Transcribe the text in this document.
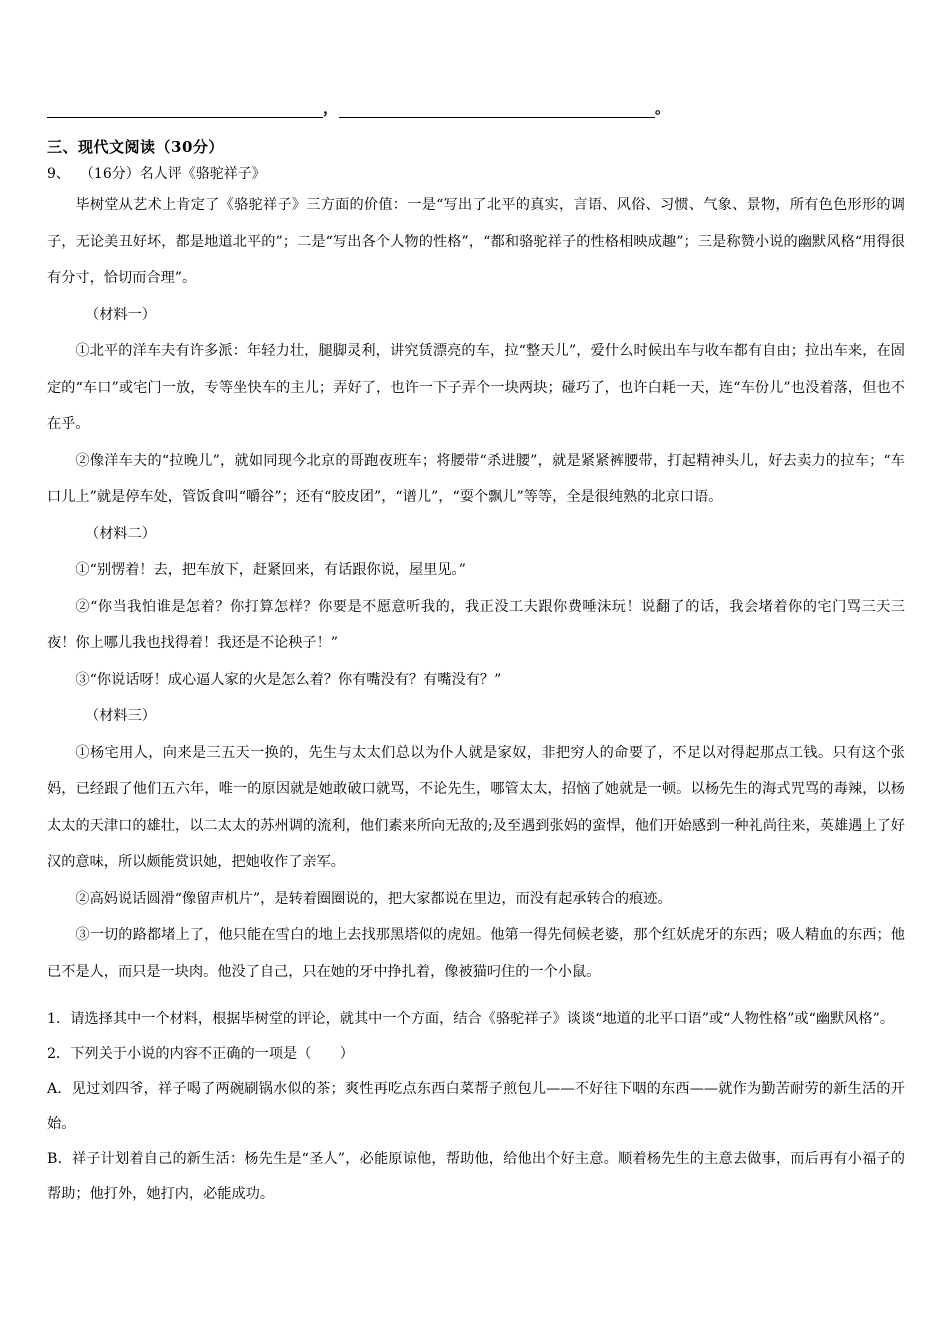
，	。
三、现代文阅读（30分）
9、 （16分）名人评《骆驼祥子》

毕树堂从艺术上肯定了《骆驼祥子》三方面的价值：一是“写出了北平的真实，言语、风俗、习惯、气象、景物，所有色色形形的调子，无论美丑好坏，都是地道北平的”；二是“写出各个人物的性格”，“都和骆驼祥子的性格相映成趣”；三是称赞小说的幽默风格“用得很有分寸，恰切而合理”。

（材料一）

①北平的洋车夫有许多派：年轻力壮，腿脚灵利，讲究赁漂亮的车，拉“整天儿”，爱什么时候出车与收车都有自由；拉出车来，在固定的“车口”或宅门一放，专等坐快车的主儿；弄好了，也许一下子弄个一块两块；碰巧了，也许白耗一天，连“车份儿”也没着落，但也不在乎。

②像洋车夫的“拉晚儿”，就如同现今北京的哥跑夜班车；将腰带“杀进腰”，就是紧紧裤腰带，打起精神头儿，好去卖力的拉车；“车口儿上”就是停车处，管饭食叫“嚼谷”；还有“胶皮团”，“谱儿”，“耍个飘儿”等等，全是很纯熟的北京口语。

（材料二）

①“别愣着！去，把车放下，赶紧回来，有话跟你说，屋里见。”

②“你当我怕谁是怎着？你打算怎样？你要是不愿意听我的，我正没工夫跟你费唾沫玩！说翻了的话，我会堵着你的宅门骂三天三夜！你上哪儿我也找得着！我还是不论秧子！”

③“你说话呀！成心逼人家的火是怎么着？你有嘴没有？有嘴没有？”

（材料三）

①杨宅用人，向来是三五天一换的，先生与太太们总以为仆人就是家奴，非把穷人的命要了，不足以对得起那点工钱。只有这个张妈，已经跟了他们五六年，唯一的原因就是她敢破口就骂，不论先生，哪管太太，招恼了她就是一顿。以杨先生的海式咒骂的毒辣，以杨太太的天津口的雄壮，以二太太的苏州调的流利，他们素来所向无敌的;及至遇到张妈的蛮悍，他们开始感到一种礼尚往来，英雄遇上了好汉的意味，所以颇能赏识她，把她收作了亲军。

②高妈说话圆滑“像留声机片”，是转着圈圈说的，把大家都说在里边，而没有起承转合的痕迹。

③一切的路都堵上了，他只能在雪白的地上去找那黑塔似的虎妞。他第一得先伺候老婆，那个红妖虎牙的东西；吸人精血的东西；他已不是人，而只是一块肉。他没了自己，只在她的牙中挣扎着，像被猫叼住的一个小鼠。

1．请选择其中一个材料，根据毕树堂的评论，就其中一个方面，结合《骆驼祥子》谈谈“地道的北平口语”或“人物性格”或“幽默风格”。

2．下列关于小说的内容不正确的一项是（　　）

A．见过刘四爷，祥子喝了两碗刷锅水似的茶；爽性再吃点东西白菜帮子煎包儿——不好往下咽的东西——就作为勤苦耐劳的新生活的开始。

B．祥子计划着自己的新生活：杨先生是“圣人”，必能原谅他，帮助他，给他出个好主意。顺着杨先生的主意去做事，而后再有小福子的帮助；他打外，她打内，必能成功。
